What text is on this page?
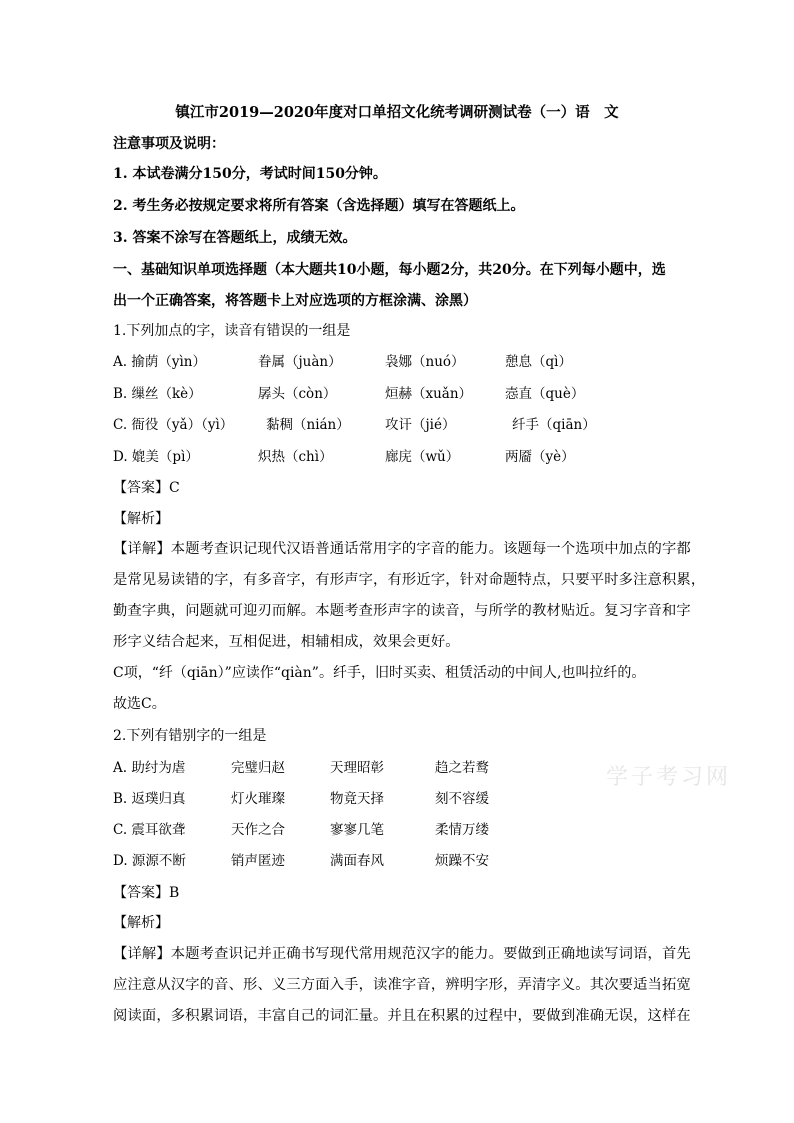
镇江市2019—2020年度对口单招文化统考调研测试卷（一）语　文
注意事项及说明：
1. 本试卷满分150分，考试时间150分钟。
2. 考生务必按规定要求将所有答案（含选择题）填写在答题纸上。
3. 答案不涂写在答题纸上，成绩无效。
一、基础知识单项选择题（本大题共10小题，每小题2分，共20分。在下列每小题中，选
出一个正确答案，将答题卡上对应选项的方框涂满、涂黑）
1.下列加点的字，读音有错误的一组是
A. 揄荫（yìn）	眷属（juàn）	袅娜（nuó）	憩息（qì）
B. 缫丝（kè）	孱头（còn）	烜赫（xuǎn） 悫直（què）
C. 衙役（yǎ）（yì） 黏稠（nián）	攻讦（jié）	纤手（qiān）
D. 媲美（pì）	炽热（chì）	廊庑（wǔ）	两靥（yè）
【答案】C
【解析】
【详解】本题考查识记现代汉语普通话常用字的字音的能力。该题每一个选项中加点的字都
是常见易读错的字，有多音字，有形声字，有形近字，针对命题特点，只要平时多注意积累，
勤查字典，问题就可迎刃而解。本题考查形声字的读音，与所学的教材贴近。复习字音和字
形字义结合起来，互相促进，相辅相成，效果会更好。
C项，“纤（qiān）”应读作“qiàn”。纤手，旧时买卖、租赁活动的中间人,也叫拉纤的。
故选C。
2.下列有错别字的一组是
A. 助纣为虐	完璧归赵	天理昭彰	趋之若鹜
B. 返璞归真	灯火璀璨	物竟天择	刻不容缓
C. 震耳欲聋	天作之合	寥寥几笔	柔情万缕
D. 源源不断	销声匿迹	满面春风	烦躁不安
【答案】B
【解析】
【详解】本题考查识记并正确书写现代常用规范汉字的能力。要做到正确地读写词语，首先
应注意从汉字的音、形、义三方面入手，读准字音，辨明字形，弄清字义。其次要适当拓宽
阅读面，多积累词语，丰富自己的词汇量。并且在积累的过程中，要做到准确无误，这样在
学子考习网
